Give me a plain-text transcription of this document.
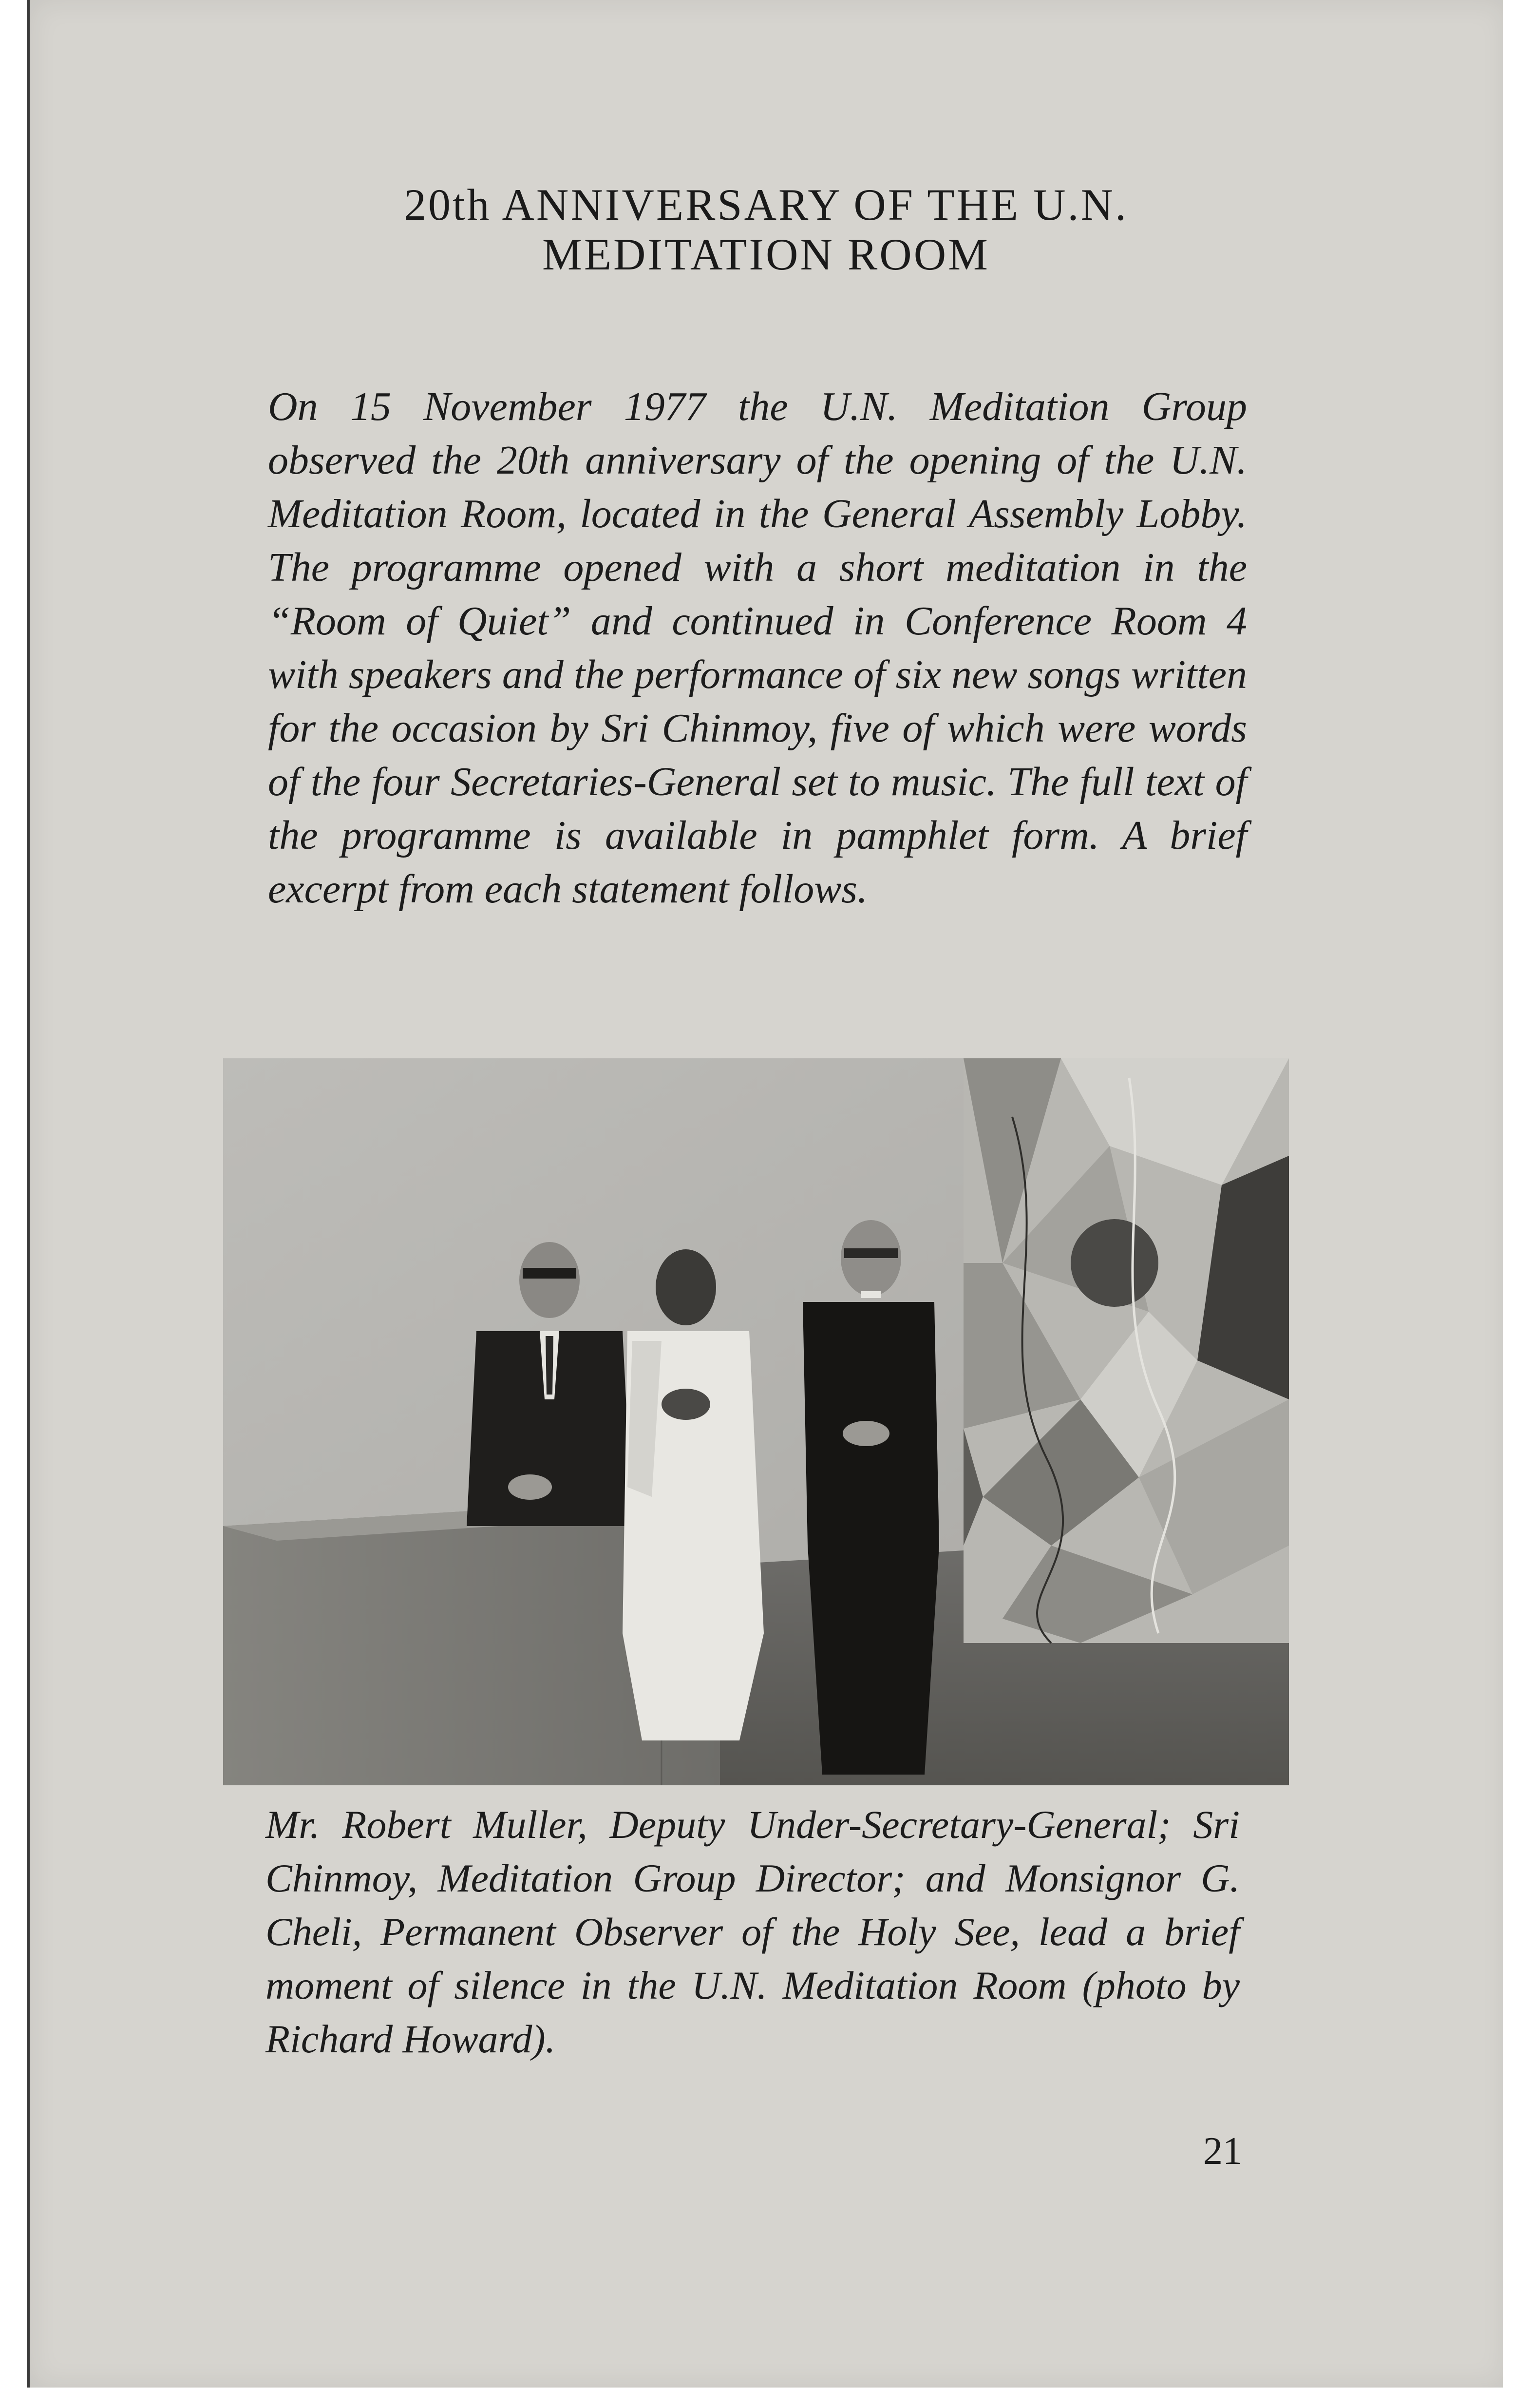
20th ANNIVERSARY OF THE U.N.
MEDITATION ROOM
On 15 November 1977 the U.N. Meditation Group observed the 20th anniversary of the opening of the U.N. Meditation Room, located in the General Assembly Lobby. The programme opened with a short meditation in the “Room of Quiet” and continued in Conference Room 4 with speakers and the performance of six new songs written for the occasion by Sri Chinmoy, five of which were words of the four Secretaries-General set to music. The full text of the programme is available in pamphlet form. A brief excerpt from each statement follows.
Mr. Robert Muller, Deputy Under-Secretary-General; Sri Chinmoy, Meditation Group Director; and Monsignor G. Cheli, Permanent Observer of the Holy See, lead a brief moment of silence in the U.N. Meditation Room (photo by Richard Howard).
21
